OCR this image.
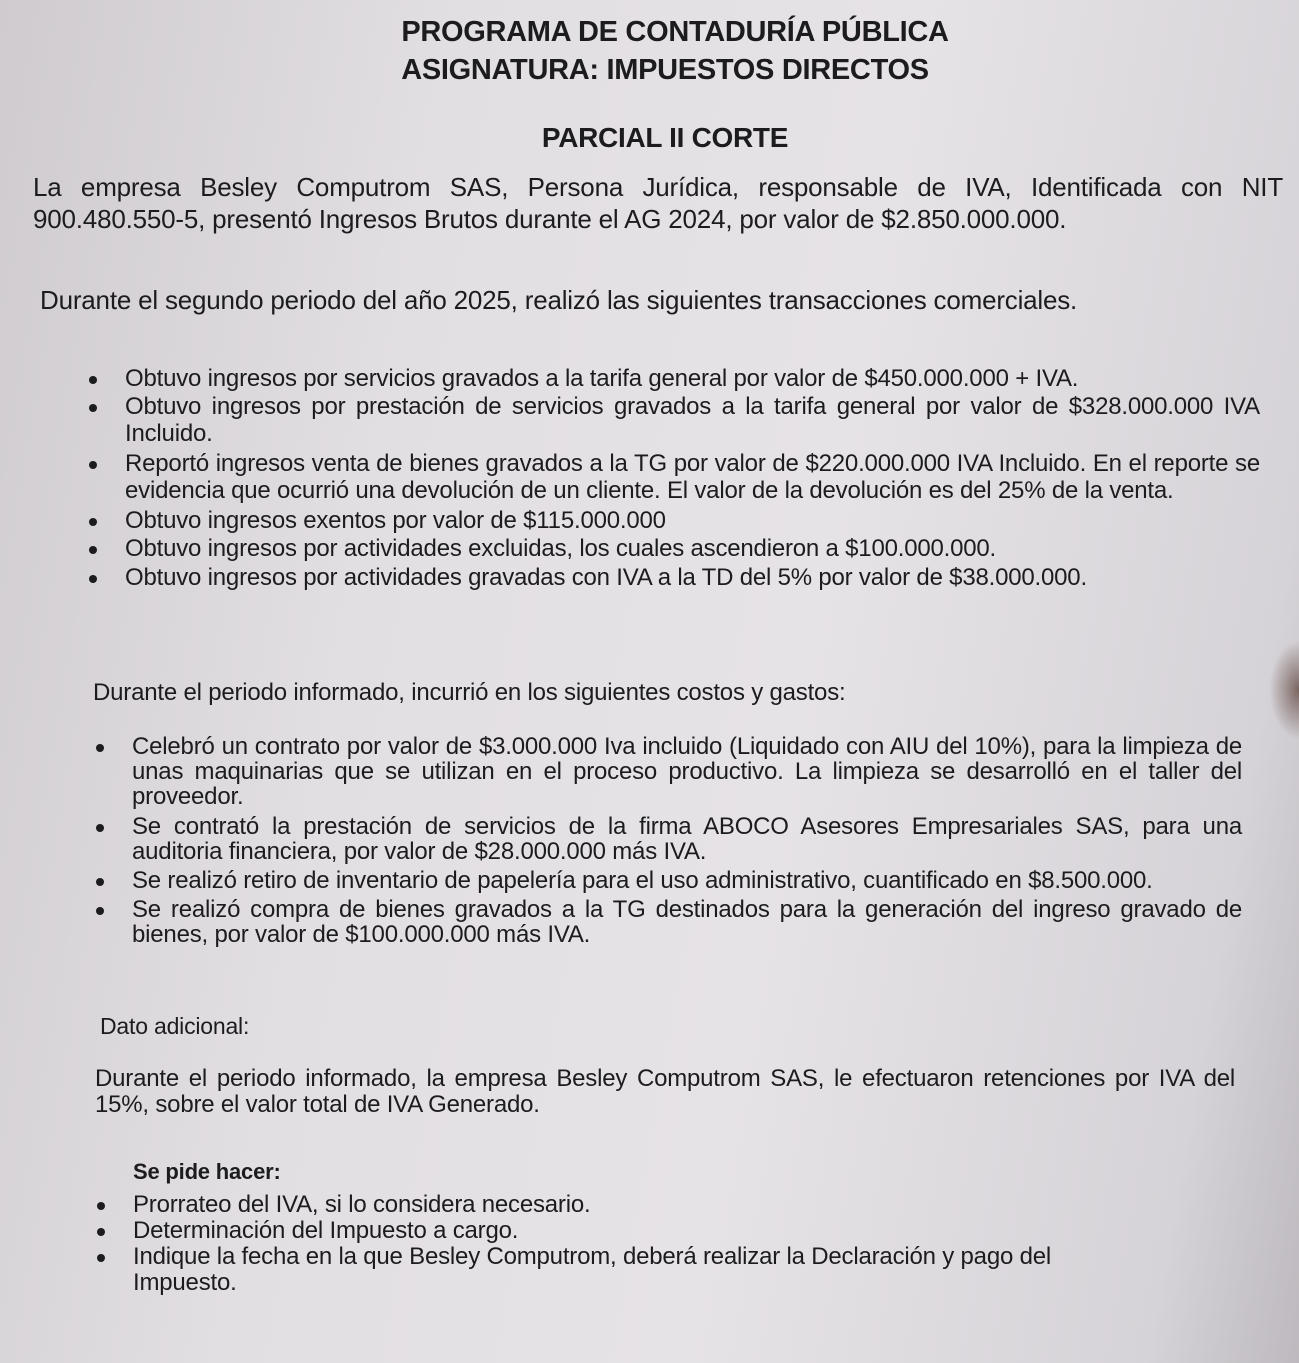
PROGRAMA DE CONTADURÍA PÚBLICA
ASIGNATURA: IMPUESTOS DIRECTOS
PARCIAL II CORTE
La empresa Besley Computrom SAS, Persona Jurídica, responsable de IVA, Identificada con NIT 900.480.550-5, presentó Ingresos Brutos durante el AG 2024, por valor de $2.850.000.000.
Durante el segundo periodo del año 2025, realizó las siguientes transacciones comerciales.
Obtuvo ingresos por servicios gravados a la tarifa general por valor de $450.000.000 + IVA.
Obtuvo ingresos por prestación de servicios gravados a la tarifa general por valor de $328.000.000 IVA Incluido.
Reportó ingresos venta de bienes gravados a la TG por valor de $220.000.000 IVA Incluido. En el reporte se evidencia que ocurrió una devolución de un cliente. El valor de la devolución es del 25% de la venta.
Obtuvo ingresos exentos por valor de $115.000.000
Obtuvo ingresos por actividades excluidas, los cuales ascendieron a $100.000.000.
Obtuvo ingresos por actividades gravadas con IVA a la TD del 5% por valor de $38.000.000.
Durante el periodo informado, incurrió en los siguientes costos y gastos:
Celebró un contrato por valor de $3.000.000 Iva incluido (Liquidado con AIU del 10%), para la limpieza de unas maquinarias que se utilizan en el proceso productivo. La limpieza se desarrolló en el taller del proveedor.
Se contrató la prestación de servicios de la firma ABOCO Asesores Empresariales SAS, para una auditoria financiera, por valor de $28.000.000 más IVA.
Se realizó retiro de inventario de papelería para el uso administrativo, cuantificado en $8.500.000.
Se realizó compra de bienes gravados a la TG destinados para la generación del ingreso gravado de bienes, por valor de $100.000.000 más IVA.
Dato adicional:
Durante el periodo informado, la empresa Besley Computrom SAS, le efectuaron retenciones por IVA del 15%, sobre el valor total de IVA Generado.
Se pide hacer:
Prorrateo del IVA, si lo considera necesario.
Determinación del Impuesto a cargo.
Indique la fecha en la que Besley Computrom, deberá realizar la Declaración y pago del Impuesto.
